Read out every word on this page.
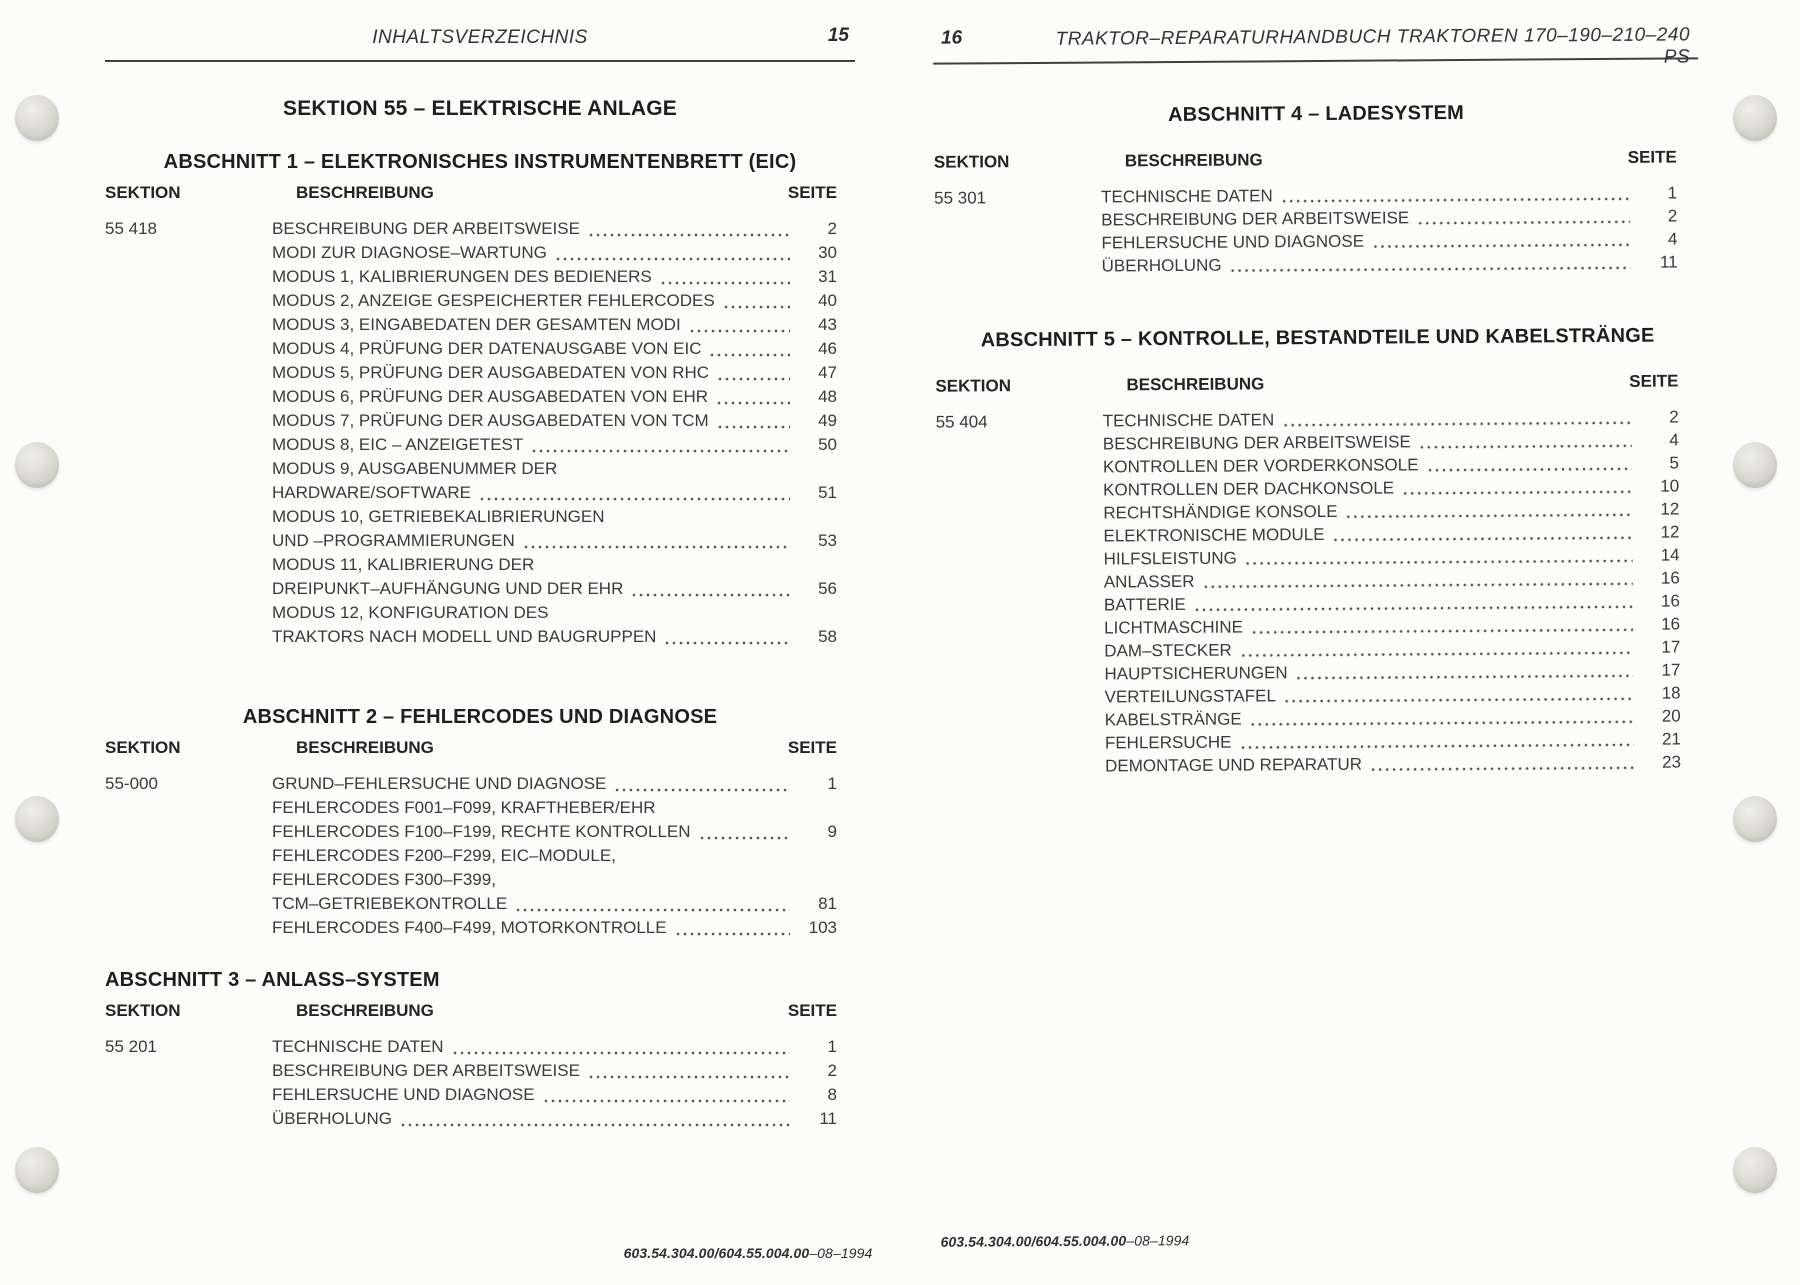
INHALTSVERZEICHNIS	15
SEKTION 55 – ELEKTRISCHE ANLAGE
ABSCHNITT 1 – ELEKTRONISCHES INSTRUMENTENBRETT (EIC)
SEKTION	BESCHREIBUNG	SEITE
55 418	BESCHREIBUNG DER ARBEITSWEISE	2
MODI ZUR DIAGNOSE–WARTUNG	30
MODUS 1, KALIBRIERUNGEN DES BEDIENERS	31
MODUS 2, ANZEIGE GESPEICHERTER FEHLERCODES	40
MODUS 3, EINGABEDATEN DER GESAMTEN MODI	43
MODUS 4, PRÜFUNG DER DATENAUSGABE VON EIC	46
MODUS 5, PRÜFUNG DER AUSGABEDATEN VON RHC	47
MODUS 6, PRÜFUNG DER AUSGABEDATEN VON EHR	48
MODUS 7, PRÜFUNG DER AUSGABEDATEN VON TCM	49
MODUS 8, EIC – ANZEIGETEST	50
MODUS 9, AUSGABENUMMER DER
HARDWARE/SOFTWARE	51
MODUS 10, GETRIEBEKALIBRIERUNGEN
UND –PROGRAMMIERUNGEN	53
MODUS 11, KALIBRIERUNG DER
DREIPUNKT–AUFHÄNGUNG UND DER EHR	56
MODUS 12, KONFIGURATION DES
TRAKTORS NACH MODELL UND BAUGRUPPEN	58
ABSCHNITT 2 – FEHLERCODES UND DIAGNOSE
SEKTION	BESCHREIBUNG	SEITE
55-000	GRUND–FEHLERSUCHE UND DIAGNOSE	1
FEHLERCODES F001–F099, KRAFTHEBER/EHR
FEHLERCODES F100–F199, RECHTE KONTROLLEN	9
FEHLERCODES F200–F299, EIC–MODULE,
FEHLERCODES F300–F399,
TCM–GETRIEBEKONTROLLE	81
FEHLERCODES F400–F499, MOTORKONTROLLE	103
ABSCHNITT 3 – ANLASS–SYSTEM
SEKTION	BESCHREIBUNG	SEITE
55 201	TECHNISCHE DATEN	1
BESCHREIBUNG DER ARBEITSWEISE	2
FEHLERSUCHE UND DIAGNOSE	8
ÜBERHOLUNG	11
16	TRAKTOR–REPARATURHANDBUCH TRAKTOREN 170–190–210–240 PS
ABSCHNITT 4 – LADESYSTEM
SEKTION	BESCHREIBUNG	SEITE
55 301	TECHNISCHE DATEN	1
BESCHREIBUNG DER ARBEITSWEISE	2
FEHLERSUCHE UND DIAGNOSE	4
ÜBERHOLUNG	11
ABSCHNITT 5 – KONTROLLE, BESTANDTEILE UND KABELSTRÄNGE
SEKTION	BESCHREIBUNG	SEITE
55 404	TECHNISCHE DATEN	2
BESCHREIBUNG DER ARBEITSWEISE	4
KONTROLLEN DER VORDERKONSOLE	5
KONTROLLEN DER DACHKONSOLE	10
RECHTSHÄNDIGE KONSOLE	12
ELEKTRONISCHE MODULE	12
HILFSLEISTUNG	14
ANLASSER	16
BATTERIE	16
LICHTMASCHINE	16
DAM–STECKER	17
HAUPTSICHERUNGEN	17
VERTEILUNGSTAFEL	18
KABELSTRÄNGE	20
FEHLERSUCHE	21
DEMONTAGE UND REPARATUR	23
603.54.304.00/604.55.004.00–08–1994
603.54.304.00/604.55.004.00–08–1994
